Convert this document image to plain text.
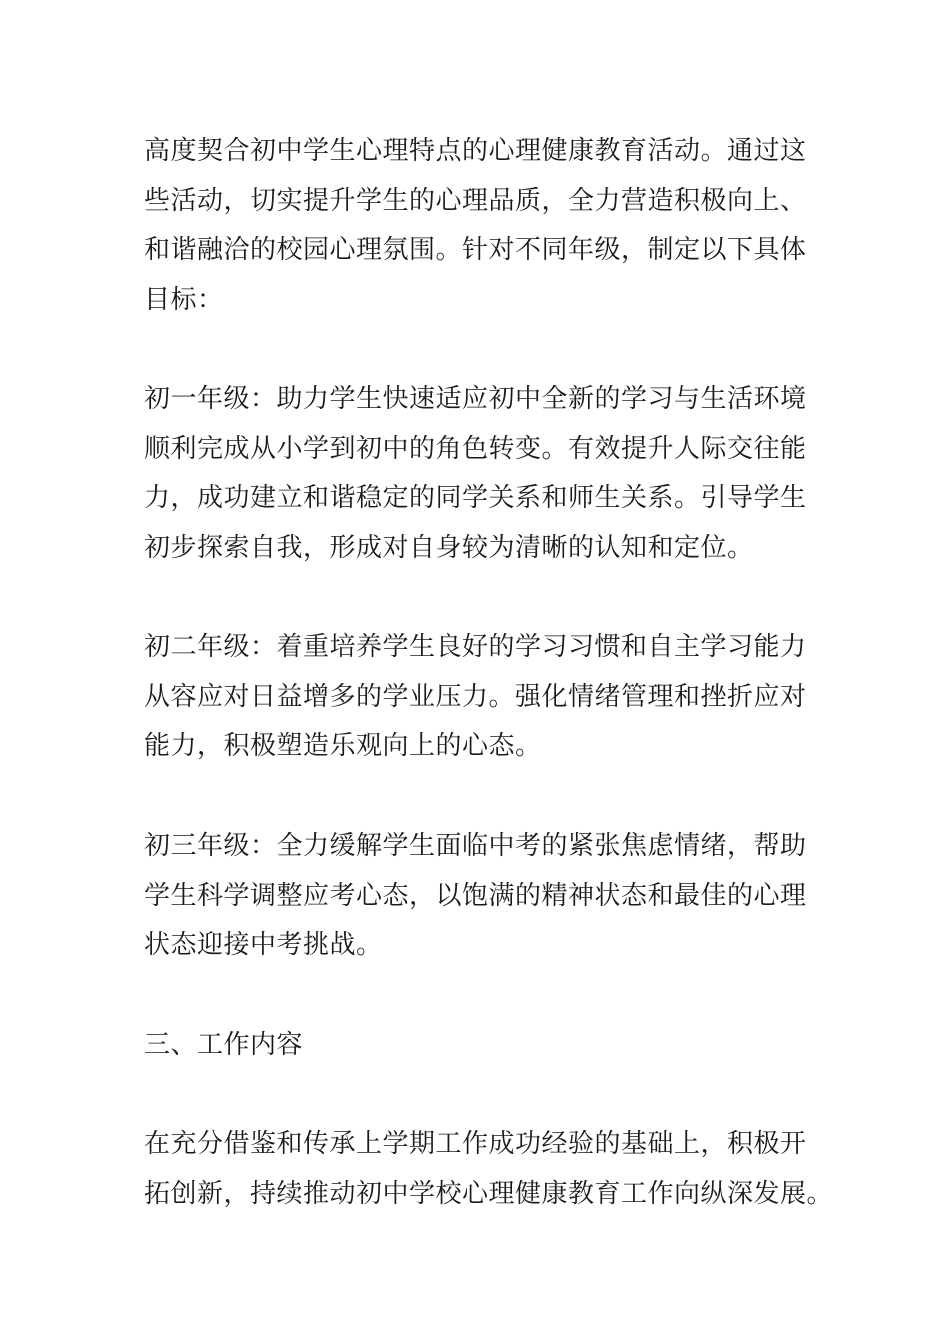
高度契合初中学生心理特点的心理健康教育活动。通过这
些活动，切实提升学生的心理品质，全力营造积极向上、
和谐融洽的校园心理氛围。针对不同年级，制定以下具体
目标：

初一年级：助力学生快速适应初中全新的学习与生活环境
顺利完成从小学到初中的角色转变。有效提升人际交往能
力，成功建立和谐稳定的同学关系和师生关系。引导学生
初步探索自我，形成对自身较为清晰的认知和定位。

初二年级：着重培养学生良好的学习习惯和自主学习能力
从容应对日益增多的学业压力。强化情绪管理和挫折应对
能力，积极塑造乐观向上的心态。

初三年级：全力缓解学生面临中考的紧张焦虑情绪，帮助
学生科学调整应考心态，以饱满的精神状态和最佳的心理
状态迎接中考挑战。

三、工作内容

在充分借鉴和传承上学期工作成功经验的基础上，积极开
拓创新，持续推动初中学校心理健康教育工作向纵深发展。
